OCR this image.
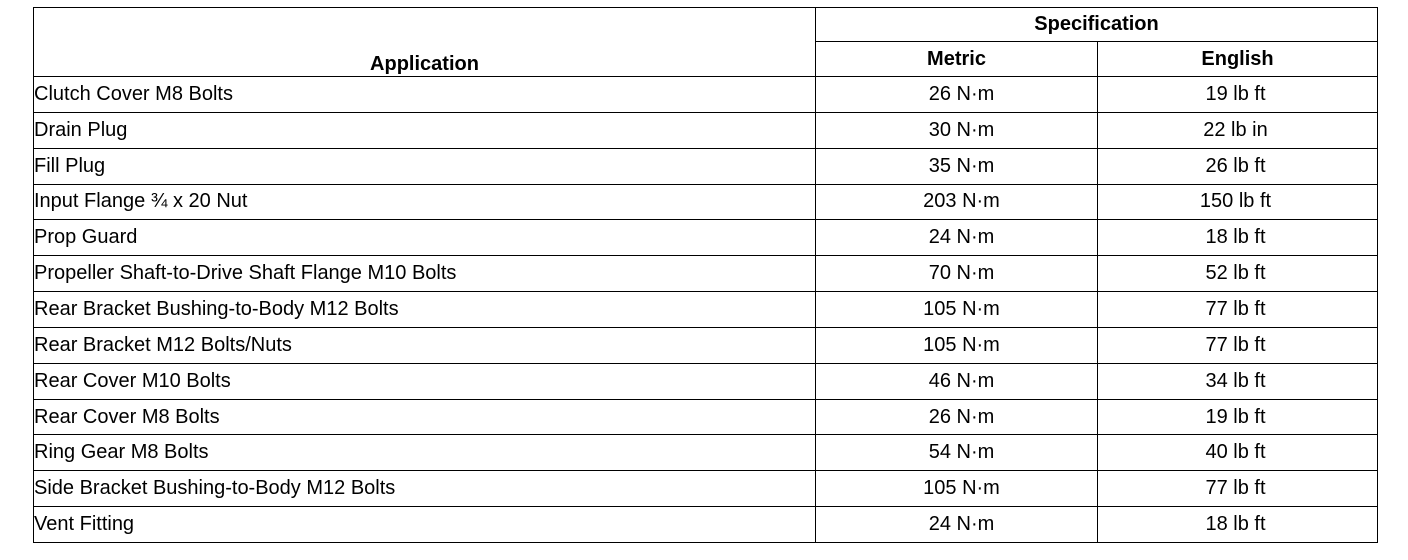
Application	Specification	
	Metric	English
Clutch Cover M8 Bolts	26 N·m	19 lb ft
Drain Plug	30 N·m	22 lb in
Fill Plug	35 N·m	26 lb ft
Input Flange ¾ x 20 Nut	203 N·m	150 lb ft
Prop Guard	24 N·m	18 lb ft
Propeller Shaft-to-Drive Shaft Flange M10 Bolts	70 N·m	52 lb ft
Rear Bracket Bushing-to-Body M12 Bolts	105 N·m	77 lb ft
Rear Bracket M12 Bolts/Nuts	105 N·m	77 lb ft
Rear Cover M10 Bolts	46 N·m	34 lb ft
Rear Cover M8 Bolts	26 N·m	19 lb ft
Ring Gear M8 Bolts	54 N·m	40 lb ft
Side Bracket Bushing-to-Body M12 Bolts	105 N·m	77 lb ft
Vent Fitting	24 N·m	18 lb ft
